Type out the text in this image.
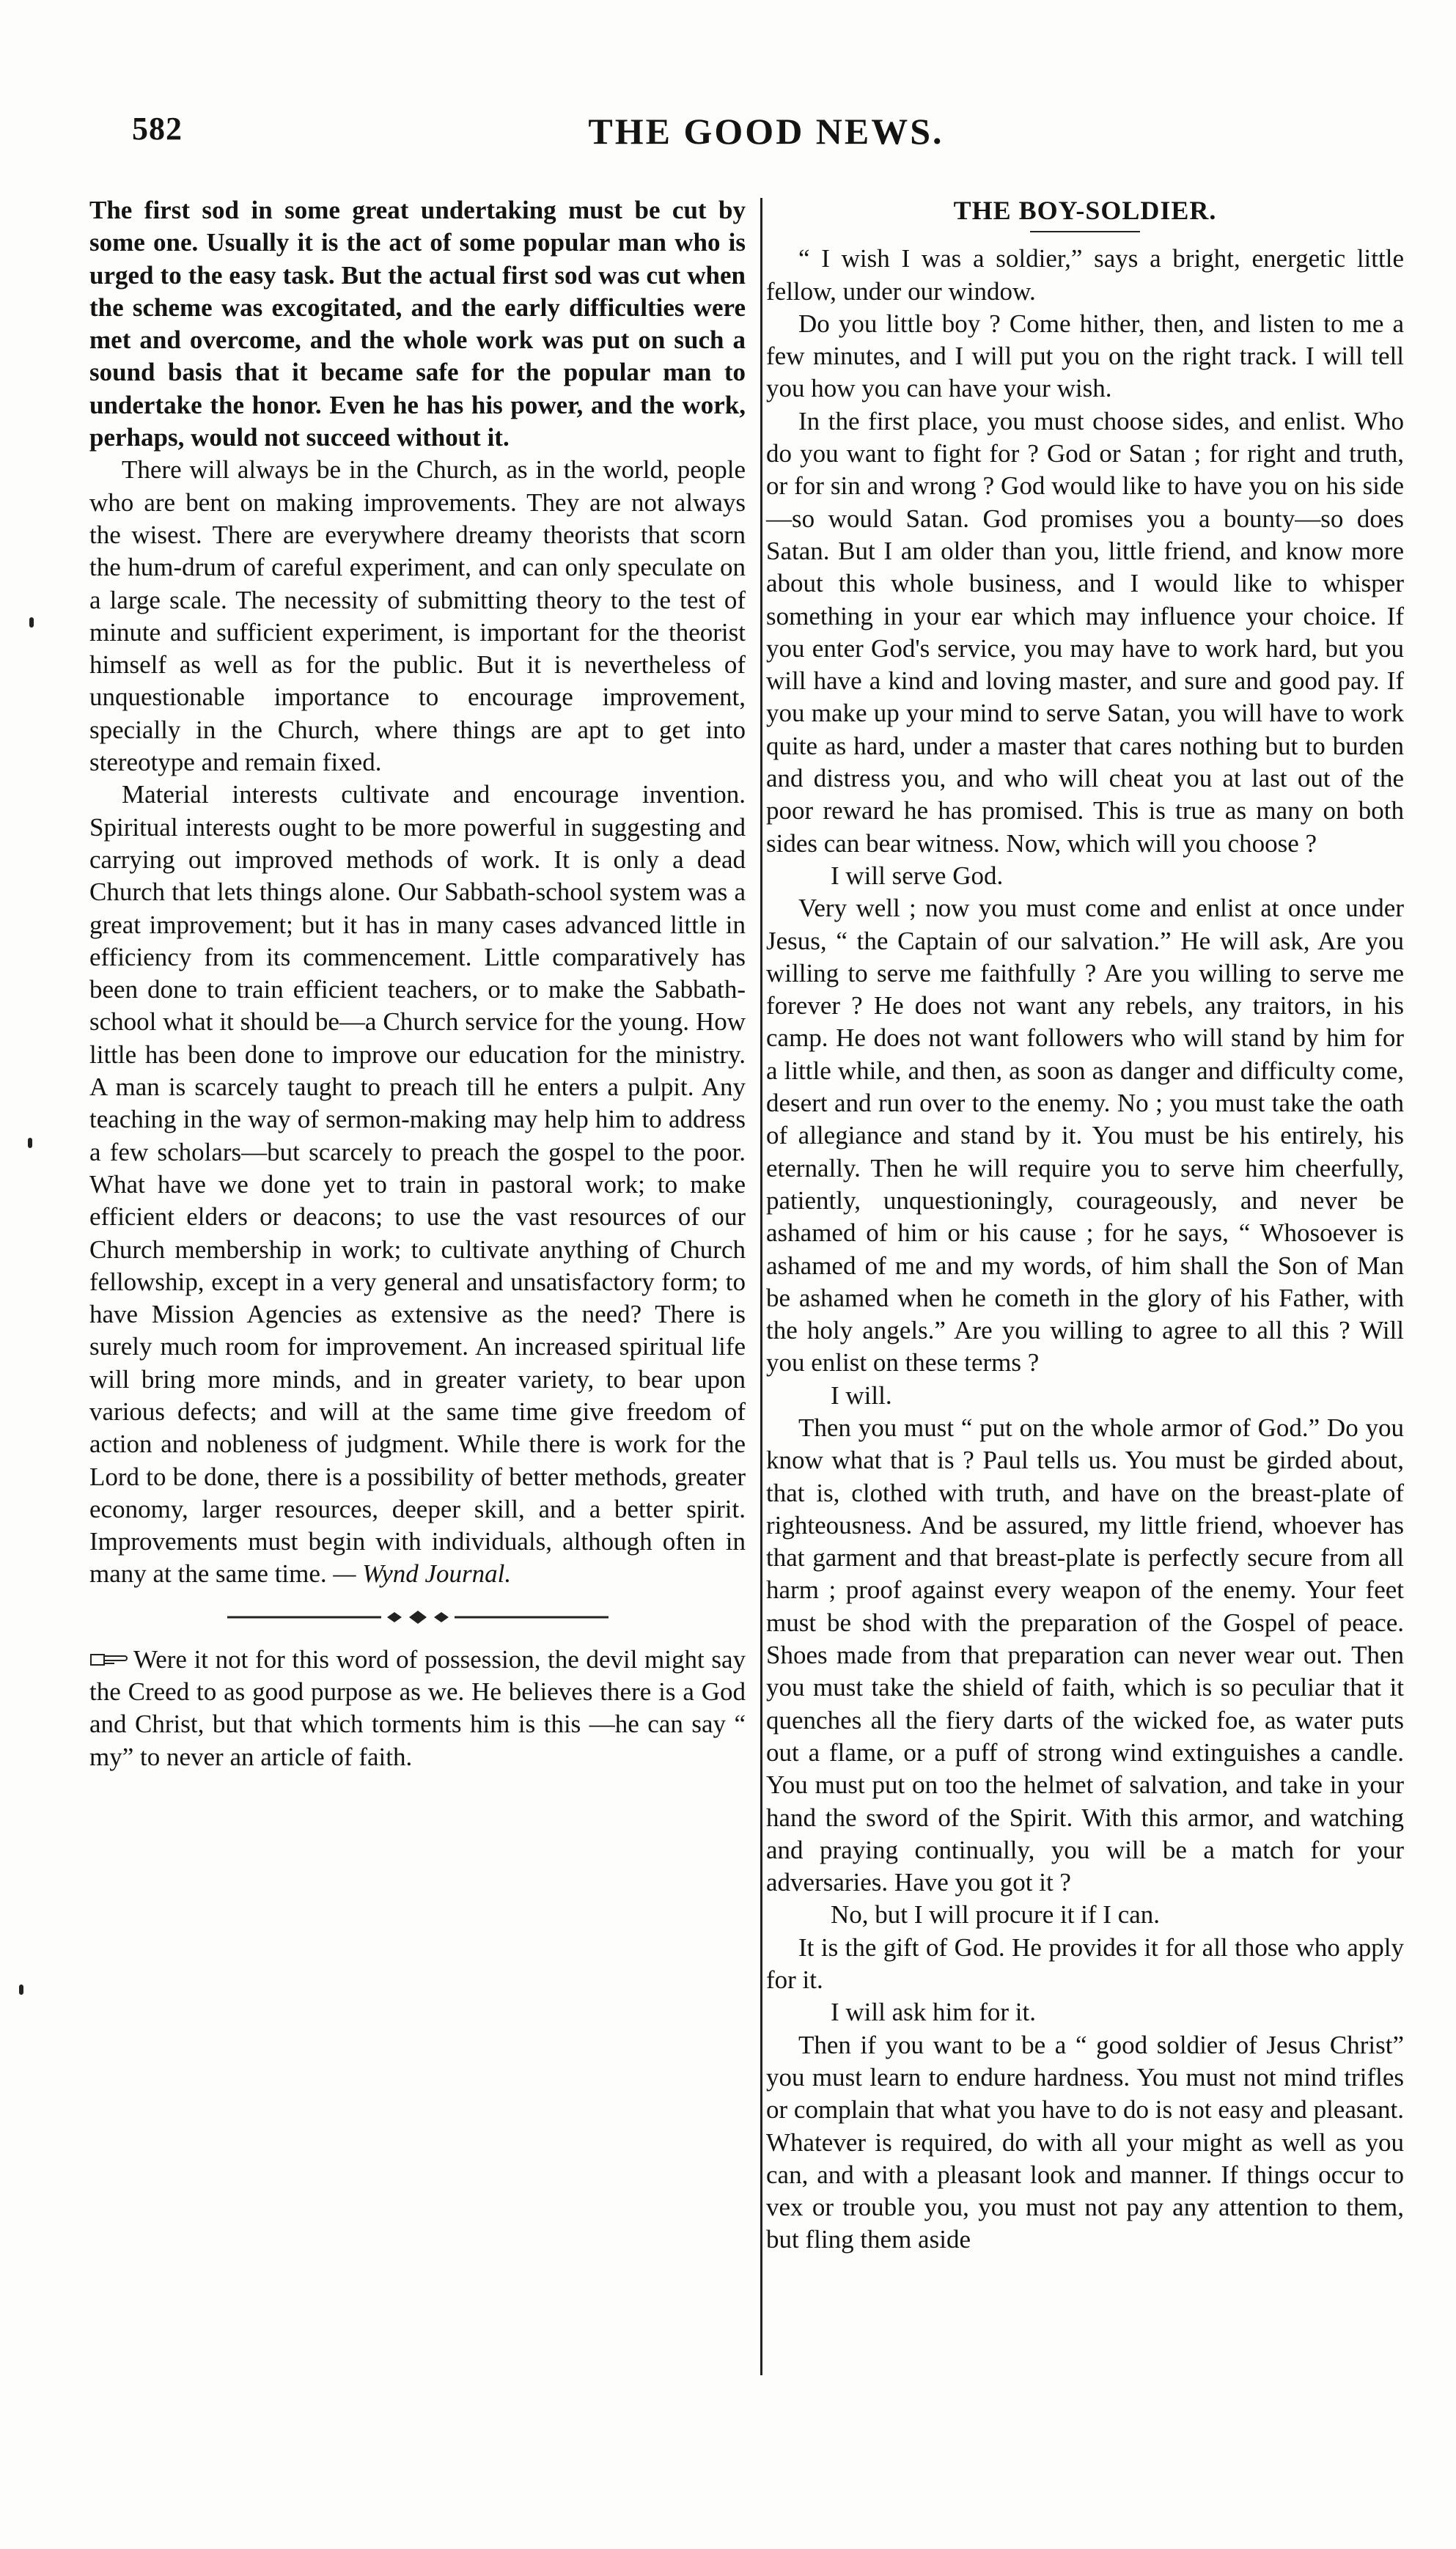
582	THE GOOD NEWS.

The first sod in some great undertaking must be cut by some one. Usually it is the act of some popular man who is urged to the easy task. But the actual first sod was cut when the scheme was excogitated, and the early difficulties were met and overcome, and the whole work was put on such a sound basis that it became safe for the popular man to undertake the honor. Even he has his power, and the work, perhaps, would not succeed without it.

There will always be in the Church, as in the world, people who are bent on making improvements. They are not always the wisest. There are everywhere dreamy theorists that scorn the hum-drum of careful experiment, and can only speculate on a large scale. The necessity of submitting theory to the test of minute and sufficient experiment, is important for the theorist himself as well as for the public. But it is nevertheless of unquestionable importance to encourage improvement, specially in the Church, where things are apt to get into stereotype and remain fixed.

Material interests cultivate and encourage invention. Spiritual interests ought to be more powerful in suggesting and carrying out improved methods of work. It is only a dead Church that lets things alone. Our Sabbath-school system was a great improvement; but it has in many cases advanced little in efficiency from its commencement. Little comparatively has been done to train efficient teachers, or to make the Sabbath-school what it should be—a Church service for the young. How little has been done to improve our education for the ministry. A man is scarcely taught to preach till he enters a pulpit. Any teaching in the way of sermon-making may help him to address a few scholars—but scarcely to preach the gospel to the poor. What have we done yet to train in pastoral work; to make efficient elders or deacons; to use the vast resources of our Church membership in work; to cultivate anything of Church fellowship, except in a very general and unsatisfactory form; to have Mission Agencies as extensive as the need? There is surely much room for improvement. An increased spiritual life will bring more minds, and in greater variety, to bear upon various defects; and will at the same time give freedom of action and nobleness of judgment. While there is work for the Lord to be done, there is a possibility of better methods, greater economy, larger resources, deeper skill, and a better spirit. Improvements must begin with individuals, although often in many at the same time. — Wynd Journal.

Were it not for this word of possession, the devil might say the Creed to as good purpose as we. He believes there is a God and Christ, but that which torments him is this —he can say “ my” to never an article of faith.

THE BOY-SOLDIER.

“ I wish I was a soldier,” says a bright, energetic little fellow, under our window.

Do you little boy ? Come hither, then, and listen to me a few minutes, and I will put you on the right track. I will tell you how you can have your wish.

In the first place, you must choose sides, and enlist. Who do you want to fight for ? God or Satan ; for right and truth, or for sin and wrong ? God would like to have you on his side—so would Satan. God promises you a bounty—so does Satan. But I am older than you, little friend, and know more about this whole business, and I would like to whisper something in your ear which may influence your choice. If you enter God's service, you may have to work hard, but you will have a kind and loving master, and sure and good pay. If you make up your mind to serve Satan, you will have to work quite as hard, under a master that cares nothing but to burden and distress you, and who will cheat you at last out of the poor reward he has promised. This is true as many on both sides can bear witness. Now, which will you choose ?

I will serve God.

Very well ; now you must come and enlist at once under Jesus, “ the Captain of our salvation.” He will ask, Are you willing to serve me faithfully ? Are you willing to serve me forever ? He does not want any rebels, any traitors, in his camp. He does not want followers who will stand by him for a little while, and then, as soon as danger and difficulty come, desert and run over to the enemy. No ; you must take the oath of allegiance and stand by it. You must be his entirely, his eternally. Then he will require you to serve him cheerfully, patiently, unquestioningly, courageously, and never be ashamed of him or his cause ; for he says, “ Whosoever is ashamed of me and my words, of him shall the Son of Man be ashamed when he cometh in the glory of his Father, with the holy angels.” Are you willing to agree to all this ? Will you enlist on these terms ?

I will.

Then you must “ put on the whole armor of God.” Do you know what that is ? Paul tells us. You must be girded about, that is, clothed with truth, and have on the breast-plate of righteousness. And be assured, my little friend, whoever has that garment and that breast-plate is perfectly secure from all harm ; proof against every weapon of the enemy. Your feet must be shod with the preparation of the Gospel of peace. Shoes made from that preparation can never wear out. Then you must take the shield of faith, which is so peculiar that it quenches all the fiery darts of the wicked foe, as water puts out a flame, or a puff of strong wind extinguishes a candle. You must put on too the helmet of salvation, and take in your hand the sword of the Spirit. With this armor, and watching and praying continually, you will be a match for your adversaries. Have you got it ?

No, but I will procure it if I can.

It is the gift of God. He provides it for all those who apply for it.

I will ask him for it.

Then if you want to be a “ good soldier of Jesus Christ” you must learn to endure hardness. You must not mind trifles or complain that what you have to do is not easy and pleasant. Whatever is required, do with all your might as well as you can, and with a pleasant look and manner. If things occur to vex or trouble you, you must not pay any attention to them, but fling them aside
